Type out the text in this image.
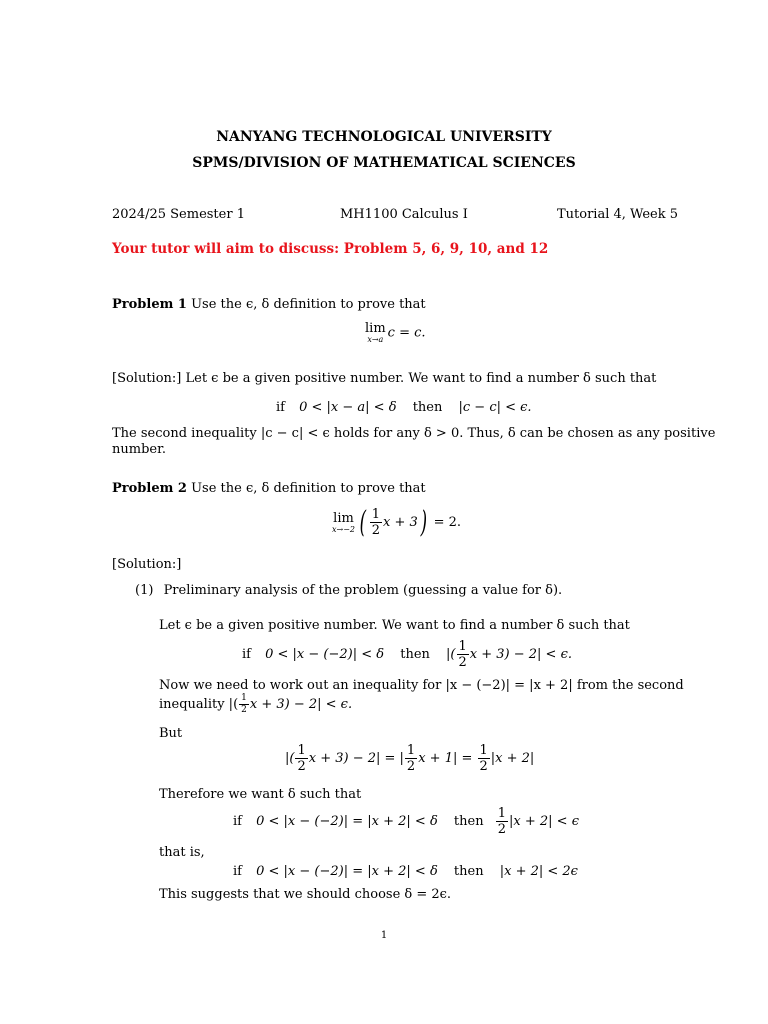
NANYANG TECHNOLOGICAL UNIVERSITY
SPMS/DIVISION OF MATHEMATICAL SCIENCES
2024/25 Semester 1	MH1100 Calculus I	Tutorial 4, Week 5
Your tutor will aim to discuss: Problem 5, 6, 9, 10, and 12
Problem 1 Use the ϵ, δ definition to prove that
lim
x→a c = c.
[Solution:] Let ϵ be a given positive number. We want to find a number δ such that
if 0 < |x − a| < δ then |c − c| < ϵ.
The second inequality |c − c| < ϵ holds for any δ > 0. Thus, δ can be chosen as any positive
number.
Problem 2 Use the ϵ, δ definition to prove that
lim
x→−2 ( $\frac{1}{2}$ x + 3) = 2.
[Solution:]
(1) Preliminary analysis of the problem (guessing a value for δ).
Let ϵ be a given positive number. We want to find a number δ such that
if 0 < |x − (−2)| < δ then |( $\frac{1}{2}$ x + 3) − 2| < ϵ.
Now we need to work out an inequality for |x − (−2)| = |x + 2| from the second
inequality |( $\frac{1}{2}$ x + 3) − 2| < ϵ.
But
|( $\frac{1}{2}$ x + 3) − 2| = | $\frac{1}{2}$ $x + 1| = \frac{1}{2} |x + 2|$
Therefore we want δ such that
if 0 < |x − (−2)| = |x + 2| < δ then $\frac{1}{2} |x + 2| < \epsilon$
that is,
if 0 < |x − (−2)| = |x + 2| < δ then |x + 2| < 2ϵ
This suggests that we should choose δ = 2ϵ.
1
